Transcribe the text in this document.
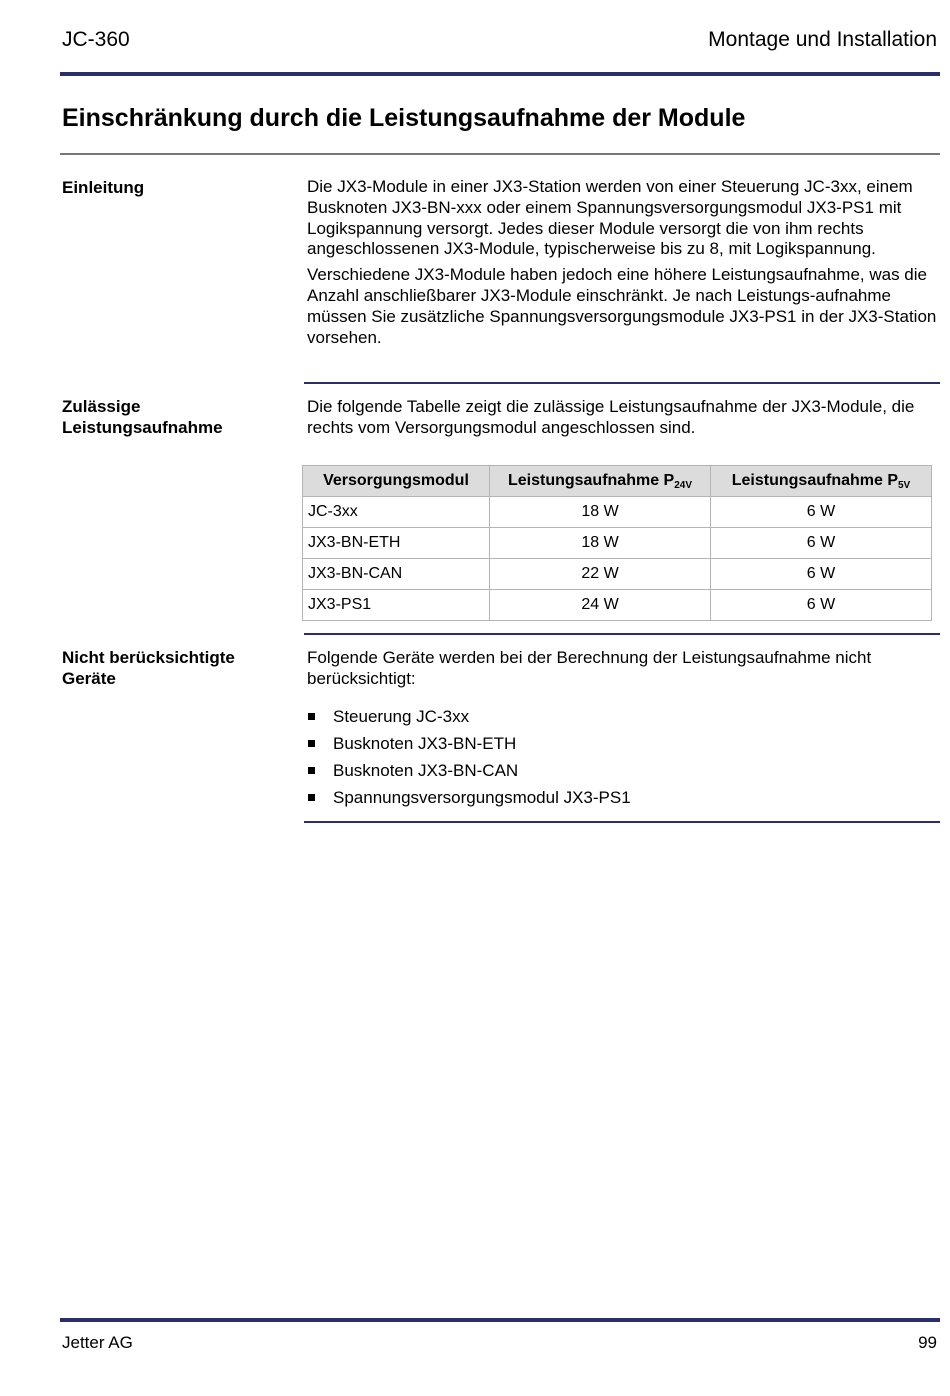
JC-360	Montage und Installation
Einschränkung durch die Leistungsaufnahme der Module
Einleitung	Die JX3-Module in einer JX3-Station werden von einer Steuerung JC-3xx, einem Busknoten JX3-BN-xxx oder einem Spannungsversorgungsmodul JX3-PS1 mit Logikspannung versorgt. Jedes dieser Module versorgt die von ihm rechts angeschlossenen JX3-Module, typischerweise bis zu 8, mit Logikspannung.

Verschiedene JX3-Module haben jedoch eine höhere Leistungsaufnahme, was die Anzahl anschließbarer JX3-Module einschränkt. Je nach Leistungs-aufnahme müssen Sie zusätzliche Spannungsversorgungsmodule JX3-PS1 in der JX3-Station vorsehen.

Zulässige
Leistungsaufnahme

Die folgende Tabelle zeigt die zulässige Leistungsaufnahme der JX3-Module, die rechts vom Versorgungsmodul angeschlossen sind.

Versorgungsmodul	Leistungsaufnahme $P_{24V}$	Leistungsaufnahme $P_{5V}$
JC-3xx	18 W	6 W
JX3-BN-ETH	18 W	6 W
JX3-BN-CAN	22 W	6 W
JX3-PS1	24 W	6 W
Nicht berücksichtigte
Geräte

Folgende Geräte werden bei der Berechnung der Leistungsaufnahme nicht berücksichtigt:

Steuerung JC-3xx
Busknoten JX3-BN-ETH
Busknoten JX3-BN-CAN
Spannungsversorgungsmodul JX3-PS1
Jetter AG	99
